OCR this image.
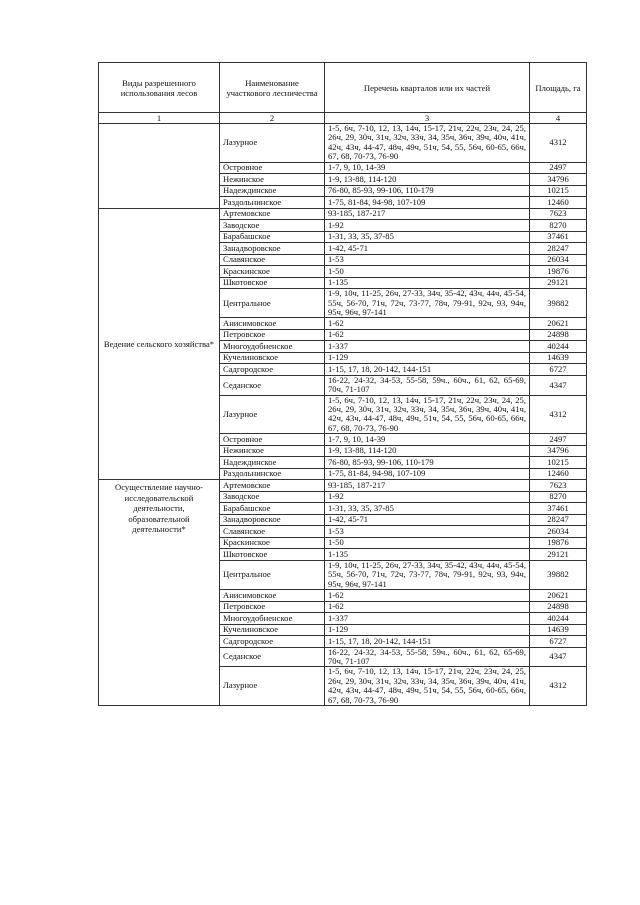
Виды разрешенного использования лесов	Наименование участкового лесничества	Перечень кварталов или их частей	Площадь, га
1	2	3	4

	Лазурное	1-5, 6ч, 7-10, 12, 13, 14ч, 15-17, 21ч, 22ч, 23ч, 24, 25, 26ч, 29, 30ч, 31ч, 32ч, 33ч, 34, 35ч, 36ч, 39ч, 40ч, 41ч, 42ч, 43ч, 44-47, 48ч, 49ч, 51ч, 54, 55, 56ч, 60-65, 66ч, 67, 68, 70-73, 76-90	4312
	Островное	1-7, 9, 10, 14-39	2497
	Нежинское	1-9, 13-88, 114-120	34796
	Надеждинское	76-80, 85-93, 99-106, 110-179	10215
	Раздольнинское	1-75, 81-84, 94-98, 107-109	12460

Ведение сельского хозяйства*	Артемовское	93-185, 187-217	7623
	Заводское	1-92	8270
	Барабашское	1-31, 33, 35, 37-85	37461
	Занадворовское	1-42, 45-71	28247
	Славянское	1-53	26034
	Краскинское	1-50	19876
	Шкотовское	1-135	29121
	Центральное	1-9, 10ч, 11-25, 26ч, 27-33, 34ч, 35-42, 43ч, 44ч, 45-54, 55ч, 56-70, 71ч, 72ч, 73-77, 78ч, 79-91, 92ч, 93, 94ч, 95ч, 96ч, 97-141	39882
	Анисимовское	1-62	20621
	Петровское	1-62	24898
	Многоудобненское	1-337	40244
	Кучелиновское	1-129	14639
	Садгородское	1-15, 17, 18, 20-142, 144-151	6727
	Седанское	16-22, 24-32, 34-53, 55-58, 59ч., 60ч., 61, 62, 65-69, 70ч, 71-107	4347
	Лазурное	1-5, 6ч, 7-10, 12, 13, 14ч, 15-17, 21ч, 22ч, 23ч, 24, 25, 26ч, 29, 30ч, 31ч, 32ч, 33ч, 34, 35ч, 36ч, 39ч, 40ч, 41ч, 42ч, 43ч, 44-47, 48ч, 49ч, 51ч, 54, 55, 56ч, 60-65, 66ч, 67, 68, 70-73, 76-90	4312
	Островное	1-7, 9, 10, 14-39	2497
	Нежинское	1-9, 13-88, 114-120	34796
	Надеждинское	76-80, 85-93, 99-106, 110-179	10215
	Раздольнинское	1-75, 81-84, 94-98, 107-109	12460

Осуществление научно-исследовательской деятельности, образовательной деятельности*	Артемовское	93-185, 187-217	7623
	Заводское	1-92	8270
	Барабашское	1-31, 33, 35, 37-85	37461
	Занадворовское	1-42, 45-71	28247
	Славянское	1-53	26034
	Краскинское	1-50	19876
	Шкотовское	1-135	29121
	Центральное	1-9, 10ч, 11-25, 26ч, 27-33, 34ч, 35-42, 43ч, 44ч, 45-54, 55ч, 56-70, 71ч, 72ч, 73-77, 78ч, 79-91, 92ч, 93, 94ч, 95ч, 96ч, 97-141	39882
	Анисимовское	1-62	20621
	Петровское	1-62	24898
	Многоудобненское	1-337	40244
	Кучелиновское	1-129	14639
	Садгородское	1-15, 17, 18, 20-142, 144-151	6727
	Седанское	16-22, 24-32, 34-53, 55-58, 59ч., 60ч., 61, 62, 65-69, 70ч, 71-107	4347
	Лазурное	1-5, 6ч, 7-10, 12, 13, 14ч, 15-17, 21ч, 22ч, 23ч, 24, 25, 26ч, 29, 30ч, 31ч, 32ч, 33ч, 34, 35ч, 36ч, 39ч, 40ч, 41ч, 42ч, 43ч, 44-47, 48ч, 49ч, 51ч, 54, 55, 56ч, 60-65, 66ч, 67, 68, 70-73, 76-90	4312
